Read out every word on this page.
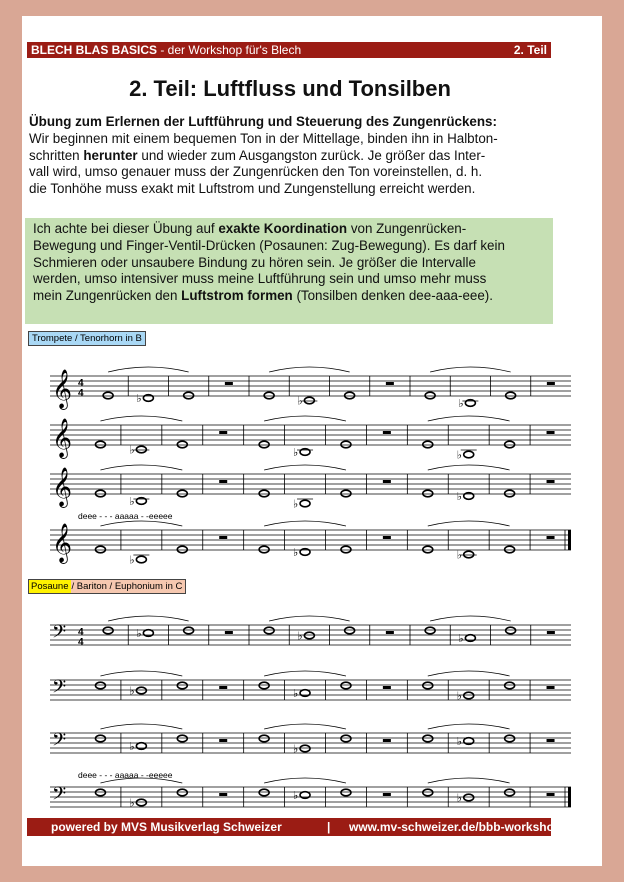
BLECH BLAS BASICS - der Workshop für's Blech	2. Teil
2. Teil: Luftfluss und Tonsilben

Übung zum Erlernen der Luftführung und Steuerung des Zungenrückens:

Wir beginnen mit einem bequemen Ton in der Mittellage, binden ihn in Halbton-

schritten herunter und wieder zum Ausgangston zurück. Je größer das Inter-

vall wird, umso genauer muss der Zungenrücken den Ton voreinstellen, d. h.

die Tonhöhe muss exakt mit Luftstrom und Zungenstellung erreicht werden.

Ich achte bei dieser Übung auf exakte Koordination von Zungenrücken-

Bewegung und Finger-Ventil-Drücken (Posaunen: Zug-Bewegung). Es darf kein

Schmieren oder unsaubere Bindung zu hören sein. Je größer die Intervalle

werden, umso intensiver muss meine Luftführung sein und umso mehr muss

mein Zungenrücken den Luftstrom formen (Tonsilben denken dee-aaa-eee).

Trompete / Tenorhorn in B
Posaune / Bariton / Euphonium in C
𝄞 4
4	♭	♭	♭
𝄞	♭	♭	♭
𝄞	♭	♭
♭
deee - - - aaaaa - -eeeee
𝄞	♭
♭	♭
𝄢 4
4
♭	♭	♭
𝄢	♭	♭	♭
𝄢	♭	♭
♭
deee - - - aaaaa - -eeeee
𝄢	♭
♭	♭
powered by MVS Musikverlag Schweizer	| www.mv-schweizer.de/bbb-workshop
